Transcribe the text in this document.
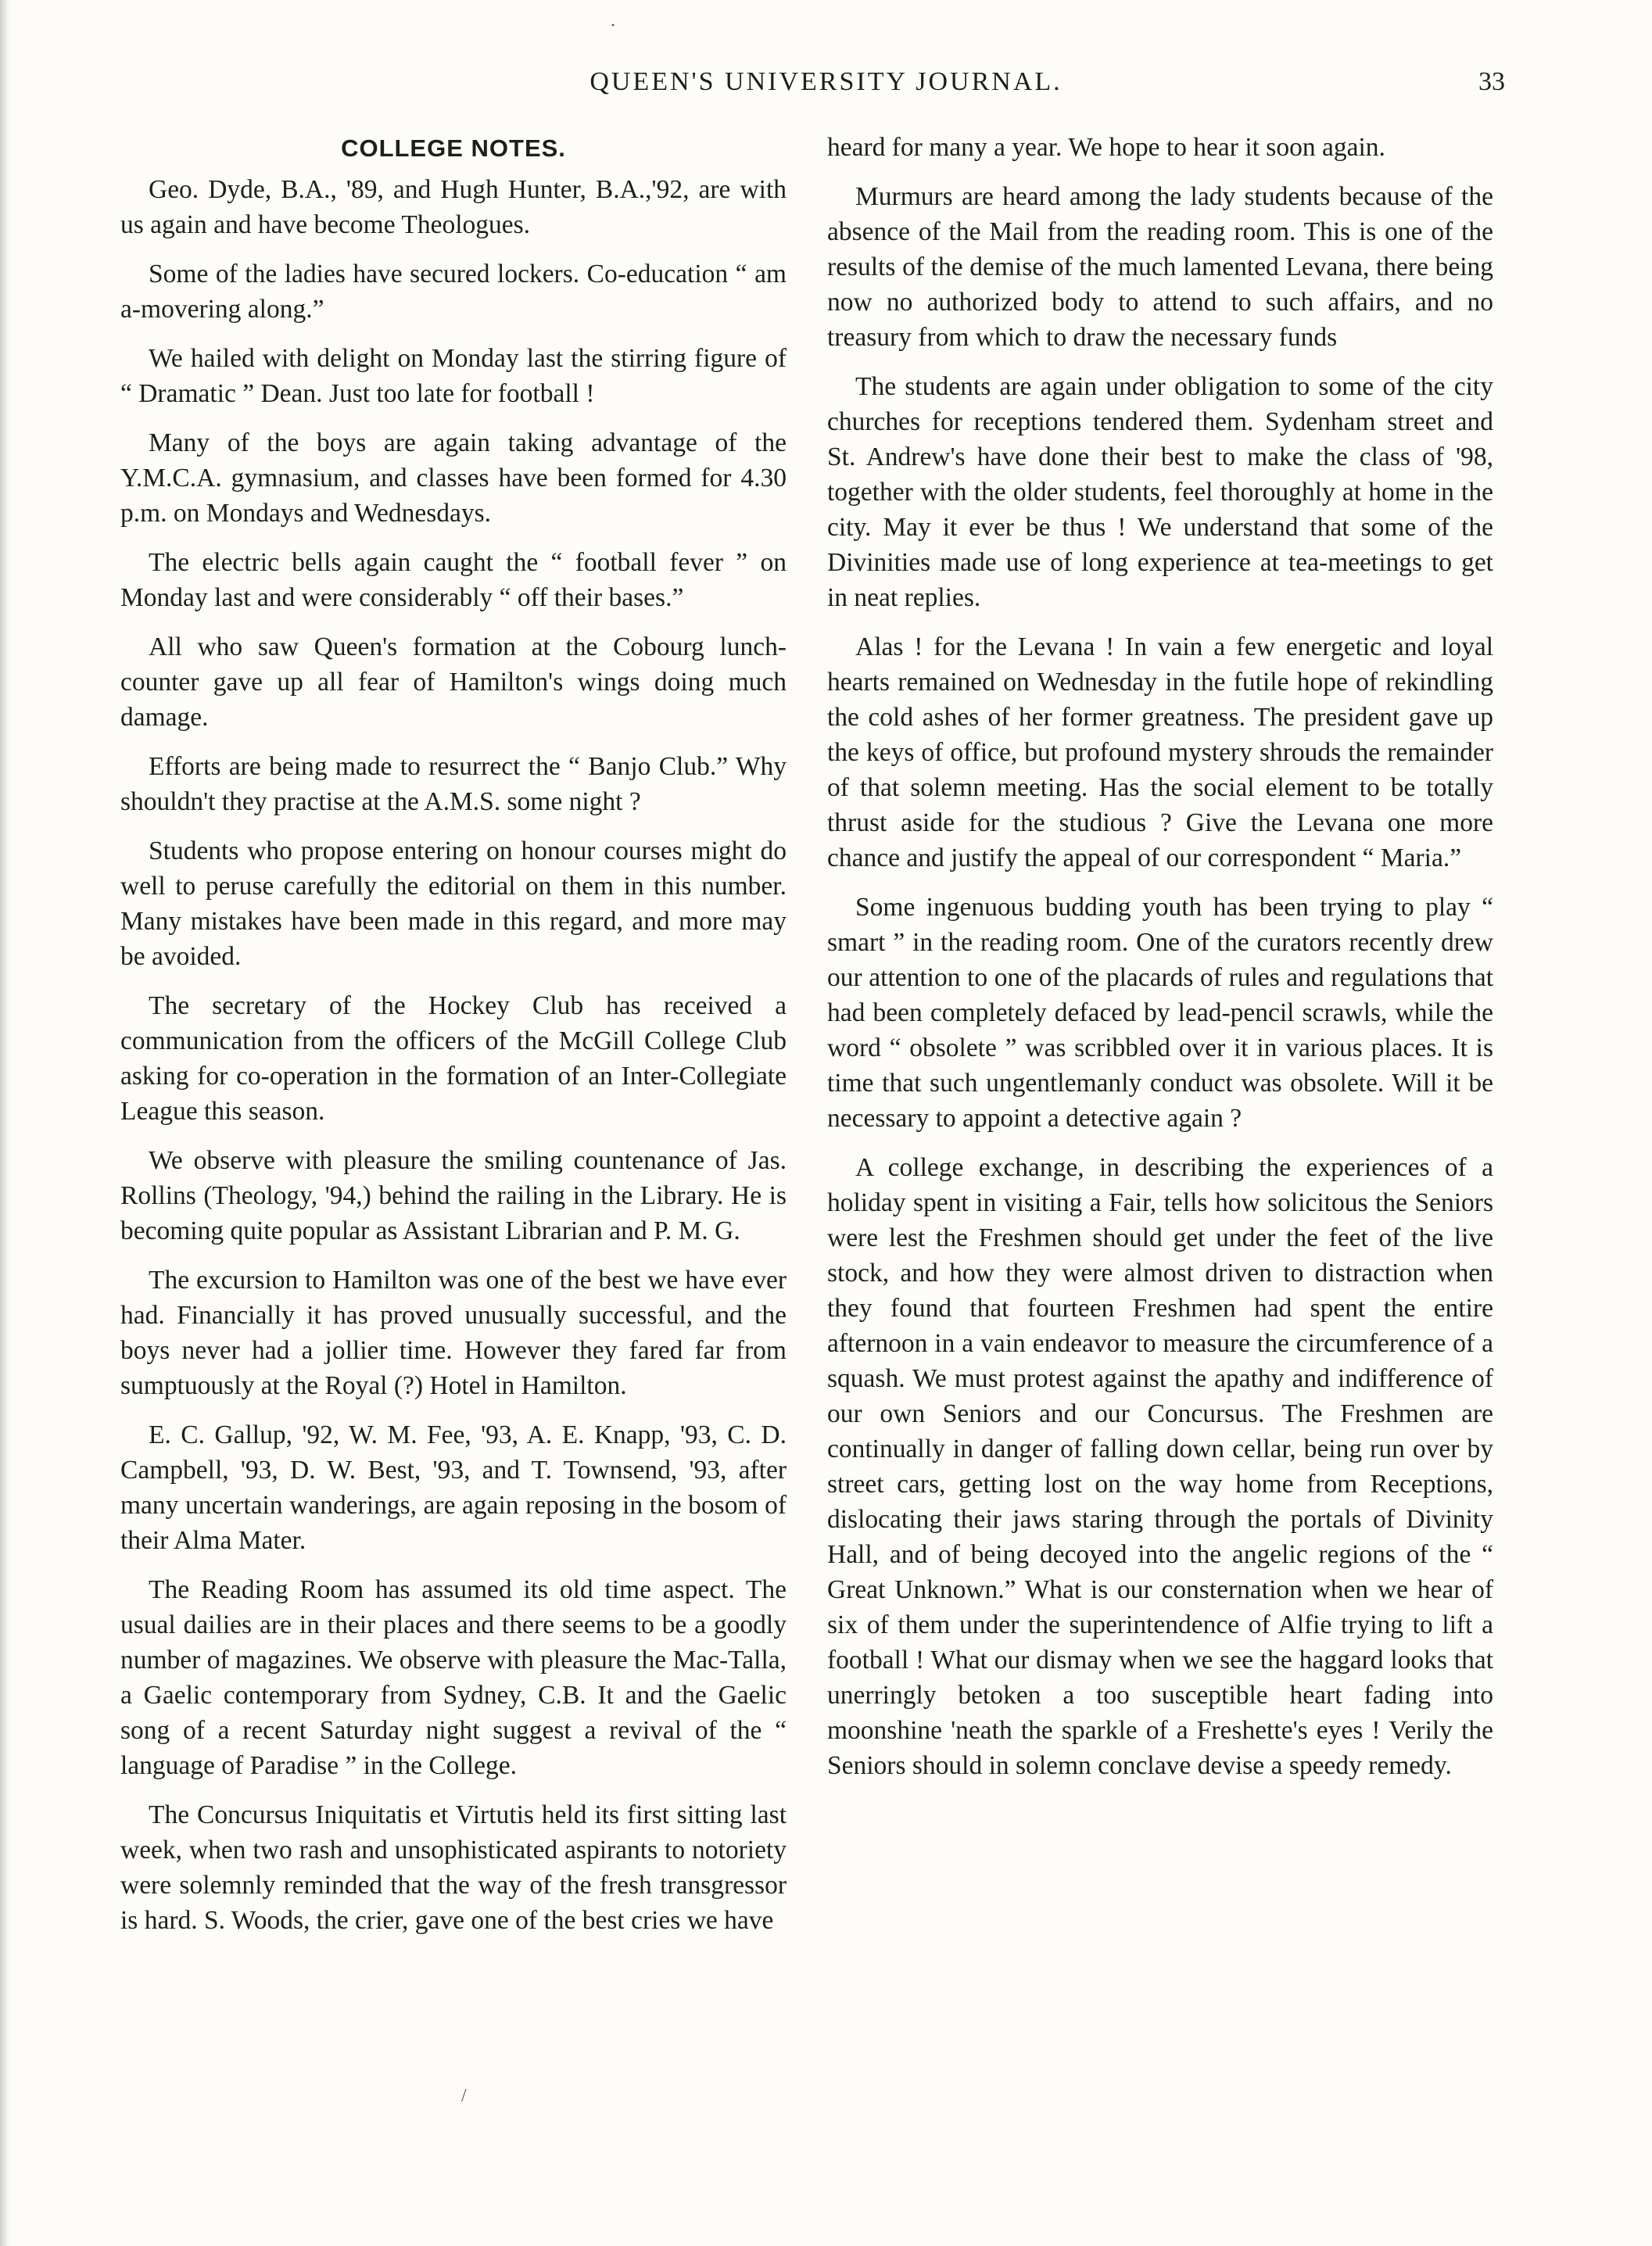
QUEEN'S UNIVERSITY JOURNAL.	33
COLLEGE NOTES.

Geo. Dyde, B.A., '89, and Hugh Hunter, B.A.,'92, are with us again and have become Theologues.

Some of the ladies have secured lockers. Co-education “ am a-movering along.”

We hailed with delight on Monday last the stirring figure of “ Dramatic ” Dean. Just too late for football !

Many of the boys are again taking advantage of the Y.M.C.A. gymnasium, and classes have been formed for 4.30 p.m. on Mondays and Wednesdays.

The electric bells again caught the “ football fever ” on Monday last and were considerably “ off their bases.”

All who saw Queen's formation at the Cobourg lunch-counter gave up all fear of Hamilton's wings doing much damage.

Efforts are being made to resurrect the “ Banjo Club.” Why shouldn't they practise at the A.M.S. some night ?

Students who propose entering on honour courses might do well to peruse carefully the editorial on them in this number. Many mistakes have been made in this regard, and more may be avoided.

The secretary of the Hockey Club has received a communication from the officers of the McGill College Club asking for co-operation in the formation of an Inter-Collegiate League this season.

We observe with pleasure the smiling countenance of Jas. Rollins (Theology, '94,) behind the railing in the Library. He is becoming quite popular as Assistant Librarian and P. M. G.

The excursion to Hamilton was one of the best we have ever had. Financially it has proved unusually successful, and the boys never had a jollier time. However they fared far from sumptuously at the Royal (?) Hotel in Hamilton.

E. C. Gallup, '92, W. M. Fee, '93, A. E. Knapp, '93, C. D. Campbell, '93, D. W. Best, '93, and T. Townsend, '93, after many uncertain wanderings, are again reposing in the bosom of their Alma Mater.

The Reading Room has assumed its old time aspect. The usual dailies are in their places and there seems to be a goodly number of magazines. We observe with pleasure the Mac-Talla, a Gaelic contemporary from Sydney, C.B. It and the Gaelic song of a recent Saturday night suggest a revival of the “ language of Paradise ” in the College.

The Concursus Iniquitatis et Virtutis held its first sitting last week, when two rash and unsophisticated aspirants to notoriety were solemnly reminded that the way of the fresh transgressor is hard. S. Woods, the crier, gave one of the best cries we have

heard for many a year. We hope to hear it soon again.

Murmurs are heard among the lady students because of the absence of the Mail from the reading room. This is one of the results of the demise of the much lamented Levana, there being now no authorized body to attend to such affairs, and no treasury from which to draw the necessary funds

The students are again under obligation to some of the city churches for receptions tendered them. Sydenham street and St. Andrew's have done their best to make the class of '98, together with the older students, feel thoroughly at home in the city. May it ever be thus ! We understand that some of the Divinities made use of long experience at tea-meetings to get in neat replies.

Alas ! for the Levana ! In vain a few energetic and loyal hearts remained on Wednesday in the futile hope of rekindling the cold ashes of her former greatness. The president gave up the keys of office, but profound mystery shrouds the remainder of that solemn meeting. Has the social element to be totally thrust aside for the studious ? Give the Levana one more chance and justify the appeal of our correspondent “ Maria.”

Some ingenuous budding youth has been trying to play “ smart ” in the reading room. One of the curators recently drew our attention to one of the placards of rules and regulations that had been completely defaced by lead-pencil scrawls, while the word “ obsolete ” was scribbled over it in various places. It is time that such ungentlemanly conduct was obsolete. Will it be necessary to appoint a detective again ?

A college exchange, in describing the experiences of a holiday spent in visiting a Fair, tells how solicitous the Seniors were lest the Freshmen should get under the feet of the live stock, and how they were almost driven to distraction when they found that fourteen Freshmen had spent the entire afternoon in a vain endeavor to measure the circumference of a squash. We must protest against the apathy and indifference of our own Seniors and our Concursus. The Freshmen are continually in danger of falling down cellar, being run over by street cars, getting lost on the way home from Receptions, dislocating their jaws staring through the portals of Divinity Hall, and of being decoyed into the angelic regions of the “ Great Unknown.” What is our consternation when we hear of six of them under the superintendence of Alfie trying to lift a football ! What our dismay when we see the haggard looks that unerringly betoken a too susceptible heart fading into moonshine 'neath the sparkle of a Freshette's eyes ! Verily the Seniors should in solemn conclave devise a speedy remedy.

/
·
